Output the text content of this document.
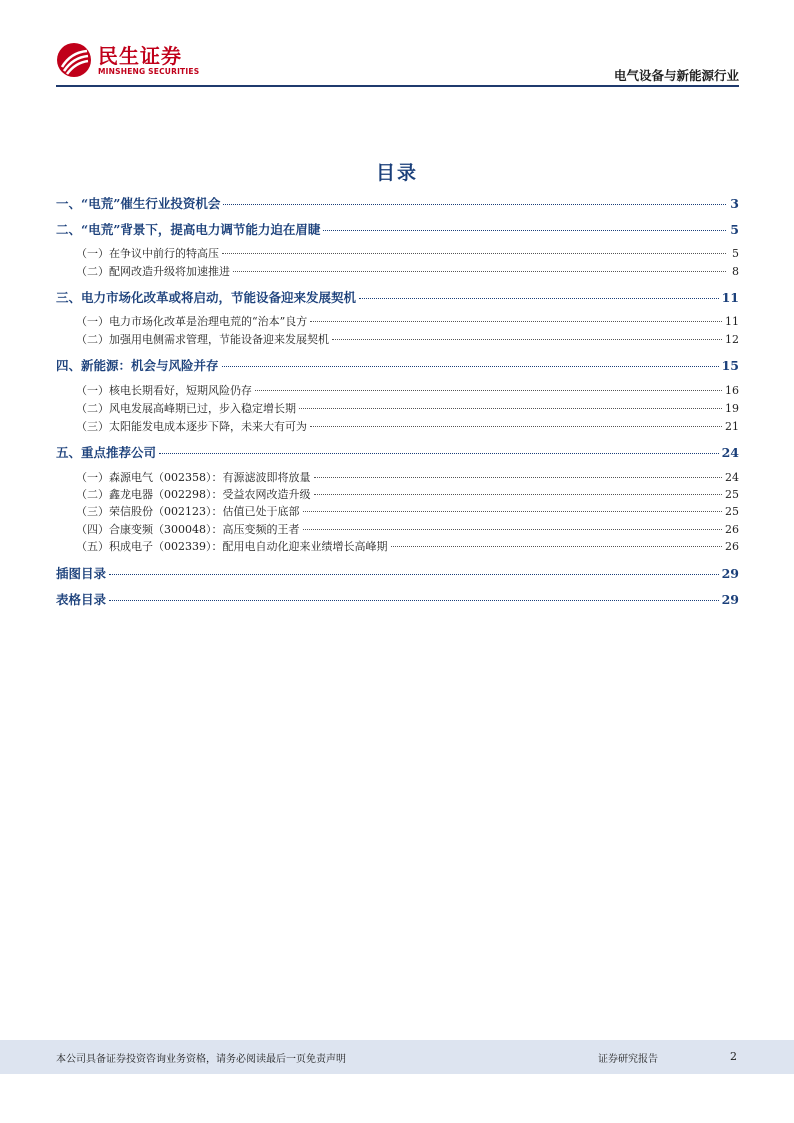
民生证券
MINSHENG SECURITIES	电气设备与新能源行业
目录
一、“电荒”催生行业投资机会	3
二、“电荒”背景下，提高电力调节能力迫在眉睫	5
（一）在争议中前行的特高压	5
（二）配网改造升级将加速推进	8
三、电力市场化改革或将启动，节能设备迎来发展契机	11
（一）电力市场化改革是治理电荒的“治本”良方	11
（二）加强用电侧需求管理，节能设备迎来发展契机	12
四、新能源：机会与风险并存	15
（一）核电长期看好，短期风险仍存	16
（二）风电发展高峰期已过，步入稳定增长期	19
（三）太阳能发电成本逐步下降，未来大有可为	21
五、重点推荐公司	24
（一）森源电气（002358）：有源滤波即将放量	24
（二）鑫龙电器（002298）：受益农网改造升级	25
（三）荣信股份（002123）：估值已处于底部	25
（四）合康变频（300048）：高压变频的王者	26
（五）积成电子（002339）：配用电自动化迎来业绩增长高峰期	26
插图目录	29
表格目录	29
本公司具备证券投资咨询业务资格，请务必阅读最后一页免责声明	证券研究报告	2
